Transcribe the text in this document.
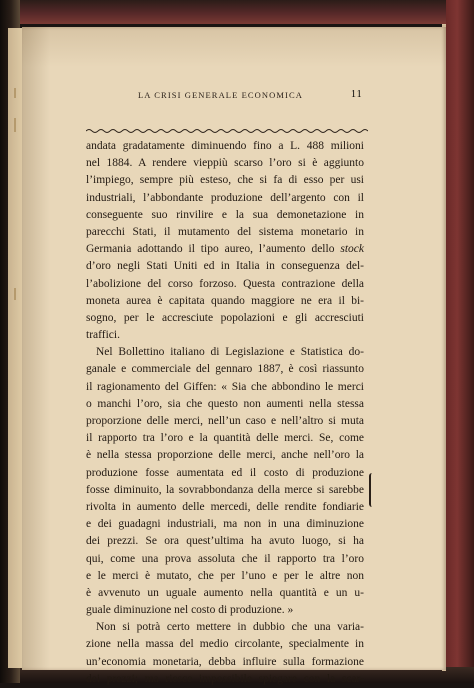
LA CRISI GENERALE ECONOMICA	11
andata gradatamente diminuendo fino a L. 488 milioni
nel 1884. A rendere vieppiù scarso l’oro si è aggiunto
l’impiego, sempre più esteso, che si fa di esso per usi
industriali, l’abbondante produzione dell’argento con il
conseguente suo rinvilire e la sua demonetazione in
parecchi Stati, il mutamento del sistema monetario in
Germania adottando il tipo aureo, l’aumento dello stock
d’oro negli Stati Uniti ed in Italia in conseguenza del-
l’abolizione del corso forzoso. Questa contrazione della
moneta aurea è capitata quando maggiore ne era il bi-
sogno, per le accresciute popolazioni e gli accresciuti
traffici.
Nel Bollettino italiano di Legislazione e Statistica do-
ganale e commerciale del gennaro 1887, è così riassunto
il ragionamento del Giffen: « Sia che abbondino le merci
o manchi l’oro, sia che questo non aumenti nella stessa
proporzione delle merci, nell’un caso e nell’altro si muta
il rapporto tra l’oro e la quantità delle merci. Se, come
è nella stessa proporzione delle merci, anche nell’oro la
produzione fosse aumentata ed il costo di produzione
fosse diminuito, la sovrabbondanza della merce si sarebbe
rivolta in aumento delle mercedi, delle rendite fondiarie
e dei guadagni industriali, ma non in una diminuzione
dei prezzi. Se ora quest’ultima ha avuto luogo, si ha
qui, come una prova assoluta che il rapporto tra l’oro
e le merci è mutato, che per l’uno e per le altre non
è avvenuto un uguale aumento nella quantità e un u-
guale diminuzione nel costo di produzione. »
Non si potrà certo mettere in dubbio che una varia-
zione nella massa del medio circolante, specialmente in
un’economia monetaria, debba influire sulla formazione
dei prezzi; ma riesce impossibile spiegare con la scar-
